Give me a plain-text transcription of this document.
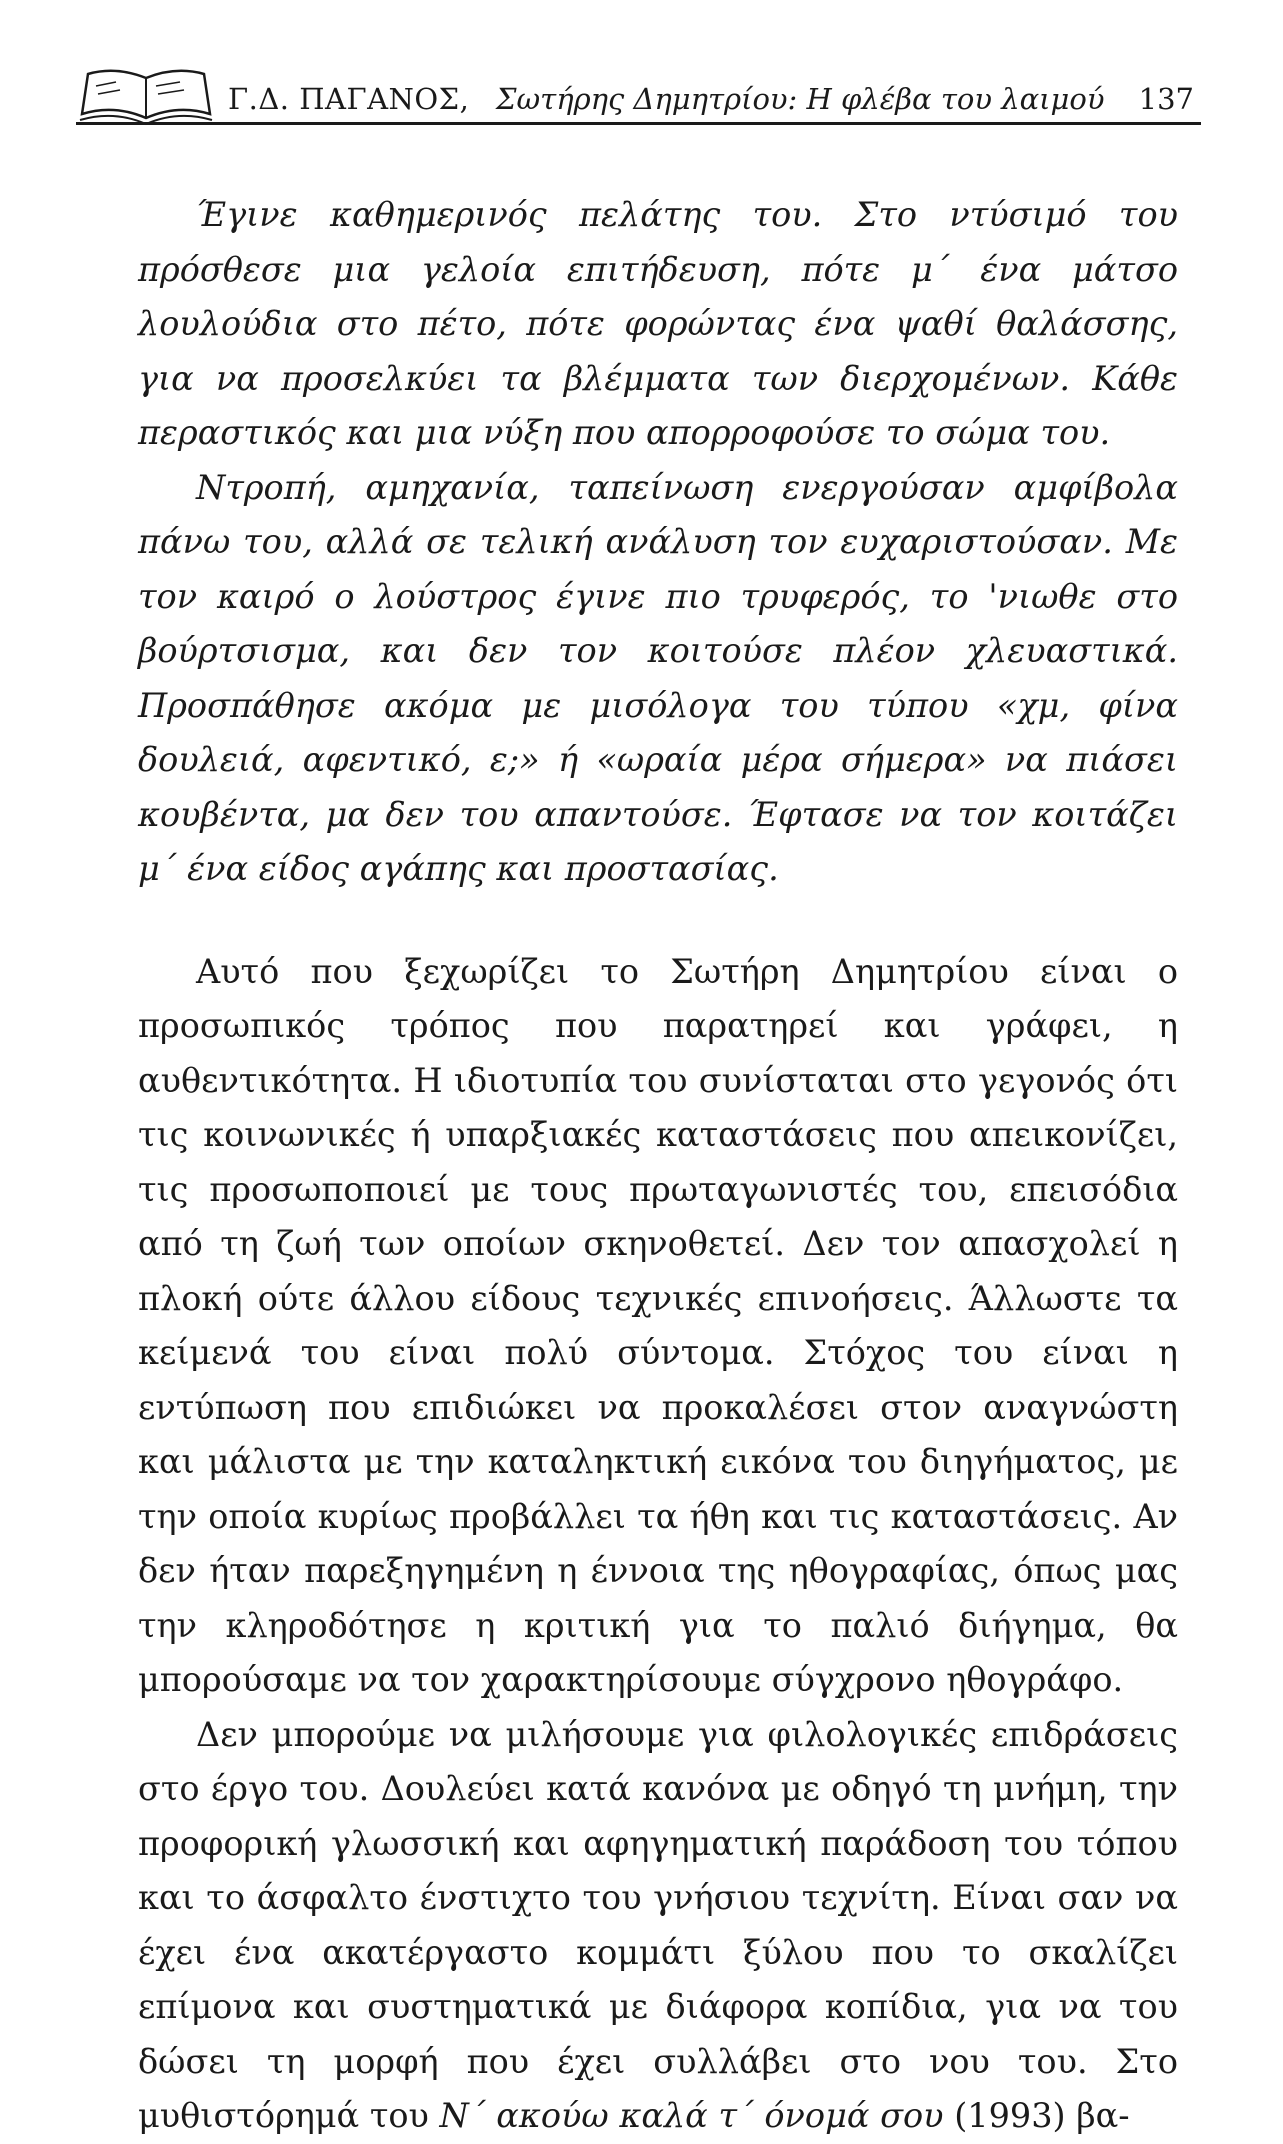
Γ.Δ. ΠΑΓΑΝΟΣ, Σωτήρης Δημητρίου: Η φλέβα του λαιμού 137

Έγινε καθημερινός πελάτης του. Στο ντύσιμό του πρόσθεσε μια γελοία επιτήδευση, πότε μ΄ ένα μάτσο λουλούδια στο πέτο, πότε φορώντας ένα ψαθί θαλάσσης, για να προσελκύει τα βλέμματα των διερχομένων. Κάθε περαστικός και μια νύξη που απορροφούσε το σώμα του.

Ντροπή, αμηχανία, ταπείνωση ενεργούσαν αμφίβολα πάνω του, αλλά σε τελική ανάλυση τον ευχαριστούσαν. Με τον καιρό ο λούστρος έγινε πιο τρυφερός, το 'νιωθε στο βούρτσισμα, και δεν τον κοιτούσε πλέον χλευαστικά. Προσπάθησε ακόμα με μισόλογα του τύπου «χμ, φίνα δουλειά, αφεντικό, ε;» ή «ωραία μέρα σήμερα» να πιάσει κουβέντα, μα δεν του απαντούσε. Έφτασε να τον κοιτάζει μ΄ ένα είδος αγάπης και προστασίας.

Αυτό που ξεχωρίζει το Σωτήρη Δημητρίου είναι ο προσωπικός τρόπος που παρατηρεί και γράφει, η αυθεντικότητα. Η ιδιοτυπία του συνίσταται στο γεγονός ότι τις κοινωνικές ή υπαρξιακές καταστάσεις που απεικονίζει, τις προσωποποιεί με τους πρωταγωνιστές του, επεισόδια από τη ζωή των οποίων σκηνοθετεί. Δεν τον απασχολεί η πλοκή ούτε άλλου είδους τεχνικές επινοήσεις. Άλλωστε τα κείμενά του είναι πολύ σύντομα. Στόχος του είναι η εντύπωση που επιδιώκει να προκαλέσει στον αναγνώστη και μάλιστα με την καταληκτική εικόνα του διηγήματος, με την οποία κυρίως προβάλλει τα ήθη και τις καταστάσεις. Αν δεν ήταν παρεξηγημένη η έννοια της ηθογραφίας, όπως μας την κληροδότησε η κριτική για το παλιό διήγημα, θα μπορούσαμε να τον χαρακτηρίσουμε σύγχρονο ηθογράφο.

Δεν μπορούμε να μιλήσουμε για φιλολογικές επιδράσεις στο έργο του. Δουλεύει κατά κανόνα με οδηγό τη μνήμη, την προφορική γλωσσική και αφηγηματική παράδοση του τόπου και το άσφαλτο ένστιχτο του γνήσιου τεχνίτη. Είναι σαν να έχει ένα ακατέργαστο κομμάτι ξύλου που το σκαλίζει επίμονα και συστηματικά με διάφορα κοπίδια, για να του δώσει τη μορφή που έχει συλλάβει στο νου του. Στο μυθιστόρημά του Ν΄ ακούω καλά τ΄ όνομά σου (1993) βα-
